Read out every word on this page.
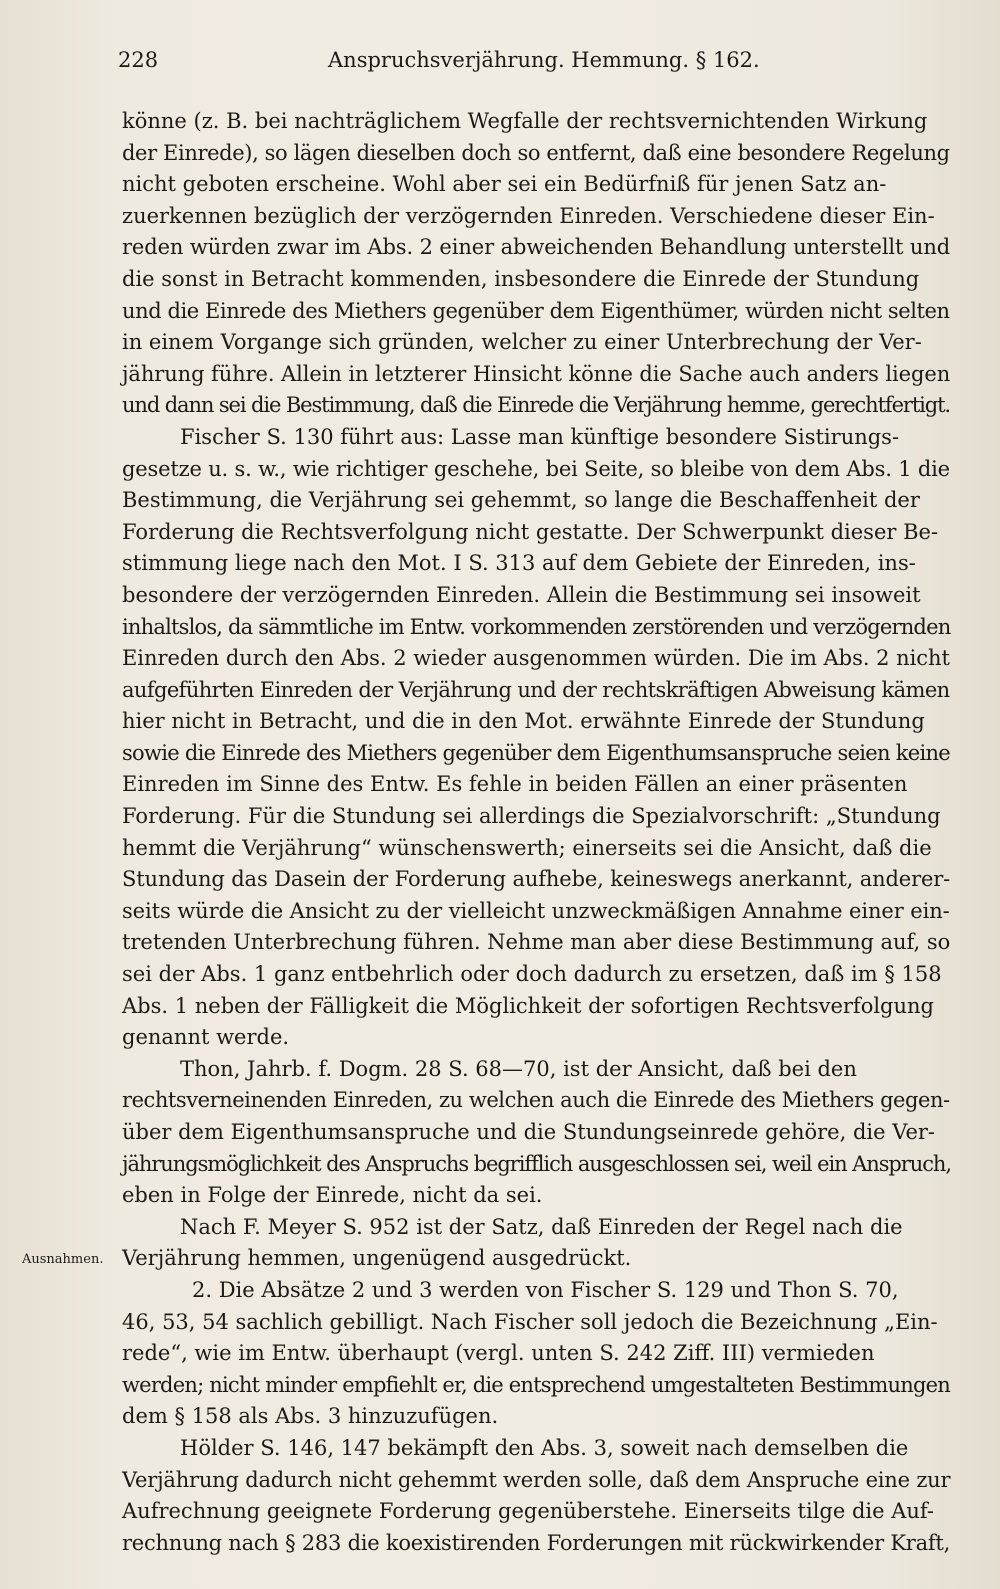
228	Anspruchsverjährung. Hemmung. § 162.
Ausnahmen.
könne (z. B. bei nachträglichem Wegfalle der rechtsvernichtenden Wirkung
der Einrede), so lägen dieselben doch so entfernt, daß eine besondere Regelung
nicht geboten erscheine. Wohl aber sei ein Bedürfniß für jenen Satz an-
zuerkennen bezüglich der verzögernden Einreden. Verschiedene dieser Ein-
reden würden zwar im Abs. 2 einer abweichenden Behandlung unterstellt und
die sonst in Betracht kommenden, insbesondere die Einrede der Stundung
und die Einrede des Miethers gegenüber dem Eigenthümer, würden nicht selten
in einem Vorgange sich gründen, welcher zu einer Unterbrechung der Ver-
jährung führe. Allein in letzterer Hinsicht könne die Sache auch anders liegen
und dann sei die Bestimmung, daß die Einrede die Verjährung hemme, gerechtfertigt.
Fischer S. 130 führt aus: Lasse man künftige besondere Sistirungs-
gesetze u. s. w., wie richtiger geschehe, bei Seite, so bleibe von dem Abs. 1 die
Bestimmung, die Verjährung sei gehemmt, so lange die Beschaffenheit der
Forderung die Rechtsverfolgung nicht gestatte. Der Schwerpunkt dieser Be-
stimmung liege nach den Mot. I S. 313 auf dem Gebiete der Einreden, ins-
besondere der verzögernden Einreden. Allein die Bestimmung sei insoweit
inhaltslos, da sämmtliche im Entw. vorkommenden zerstörenden und verzögernden
Einreden durch den Abs. 2 wieder ausgenommen würden. Die im Abs. 2 nicht
aufgeführten Einreden der Verjährung und der rechtskräftigen Abweisung kämen
hier nicht in Betracht, und die in den Mot. erwähnte Einrede der Stundung
sowie die Einrede des Miethers gegenüber dem Eigenthumsanspruche seien keine
Einreden im Sinne des Entw. Es fehle in beiden Fällen an einer präsenten
Forderung. Für die Stundung sei allerdings die Spezialvorschrift: „Stundung
hemmt die Verjährung“ wünschenswerth; einerseits sei die Ansicht, daß die
Stundung das Dasein der Forderung aufhebe, keineswegs anerkannt, anderer-
seits würde die Ansicht zu der vielleicht unzweckmäßigen Annahme einer ein-
tretenden Unterbrechung führen. Nehme man aber diese Bestimmung auf, so
sei der Abs. 1 ganz entbehrlich oder doch dadurch zu ersetzen, daß im § 158
Abs. 1 neben der Fälligkeit die Möglichkeit der sofortigen Rechtsverfolgung
genannt werde.
Thon, Jahrb. f. Dogm. 28 S. 68—70, ist der Ansicht, daß bei den
rechtsverneinenden Einreden, zu welchen auch die Einrede des Miethers gegen-
über dem Eigenthumsanspruche und die Stundungseinrede gehöre, die Ver-
jährungsmöglichkeit des Anspruchs begrifflich ausgeschlossen sei, weil ein Anspruch,
eben in Folge der Einrede, nicht da sei.
Nach F. Meyer S. 952 ist der Satz, daß Einreden der Regel nach die
Verjährung hemmen, ungenügend ausgedrückt.
2. Die Absätze 2 und 3 werden von Fischer S. 129 und Thon S. 70,
46, 53, 54 sachlich gebilligt. Nach Fischer soll jedoch die Bezeichnung „Ein-
rede“, wie im Entw. überhaupt (vergl. unten S. 242 Ziff. III) vermieden
werden; nicht minder empfiehlt er, die entsprechend umgestalteten Bestimmungen
dem § 158 als Abs. 3 hinzuzufügen.
Hölder S. 146, 147 bekämpft den Abs. 3, soweit nach demselben die
Verjährung dadurch nicht gehemmt werden solle, daß dem Anspruche eine zur
Aufrechnung geeignete Forderung gegenüberstehe. Einerseits tilge die Auf-
rechnung nach § 283 die koexistirenden Forderungen mit rückwirkender Kraft,
